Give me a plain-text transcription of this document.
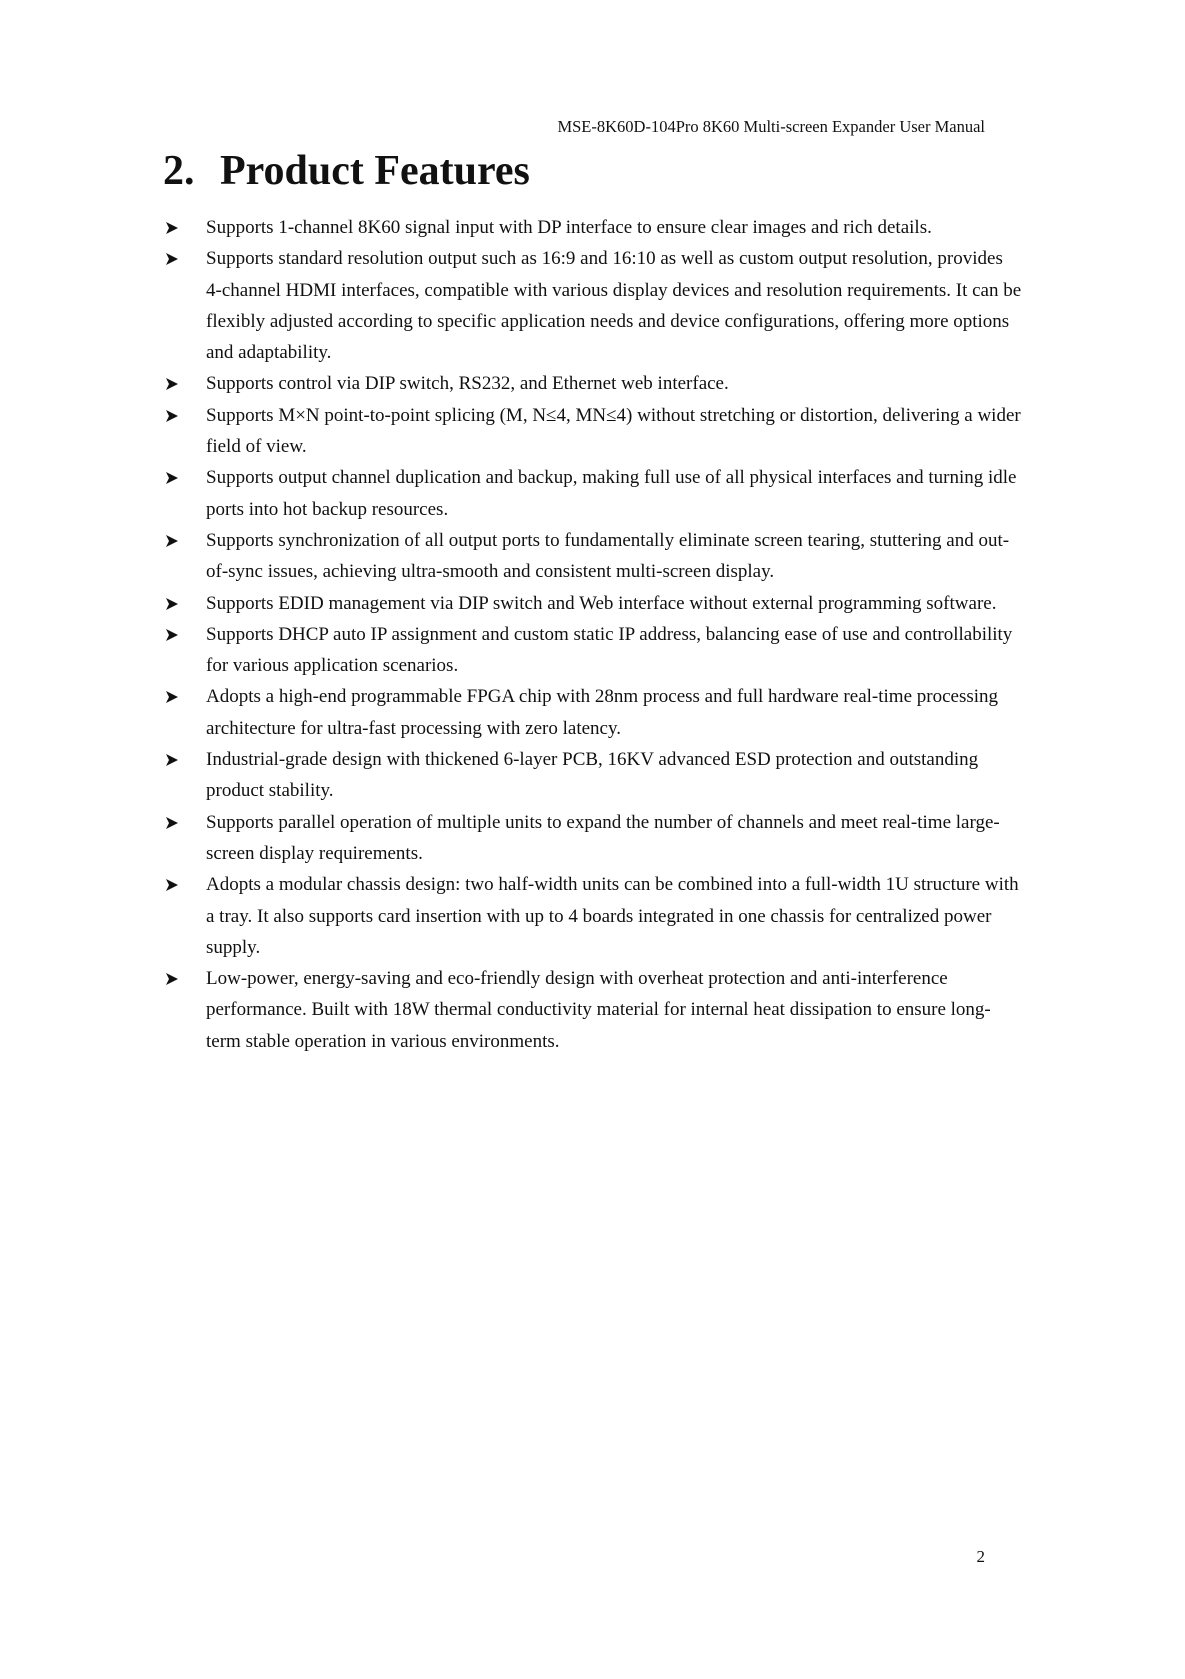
MSE-8K60D-104Pro 8K60 Multi-screen Expander User Manual
2. Product Features
Supports 1-channel 8K60 signal input with DP interface to ensure clear images and rich details.
Supports standard resolution output such as 16:9 and 16:10 as well as custom output resolution, provides 4-channel HDMI interfaces, compatible with various display devices and resolution requirements. It can be flexibly adjusted according to specific application needs and device configurations, offering more options and adaptability.
Supports control via DIP switch, RS232, and Ethernet web interface.
Supports M×N point-to-point splicing (M, N≤4, MN≤4) without stretching or distortion, delivering a wider field of view.
Supports output channel duplication and backup, making full use of all physical interfaces and turning idle ports into hot backup resources.
Supports synchronization of all output ports to fundamentally eliminate screen tearing, stuttering and out-of-sync issues, achieving ultra-smooth and consistent multi-screen display.
Supports EDID management via DIP switch and Web interface without external programming software.
Supports DHCP auto IP assignment and custom static IP address, balancing ease of use and controllability for various application scenarios.
Adopts a high-end programmable FPGA chip with 28nm process and full hardware real-time processing architecture for ultra-fast processing with zero latency.
Industrial-grade design with thickened 6-layer PCB, 16KV advanced ESD protection and outstanding product stability.
Supports parallel operation of multiple units to expand the number of channels and meet real-time large-screen display requirements.
Adopts a modular chassis design: two half-width units can be combined into a full-width 1U structure with a tray. It also supports card insertion with up to 4 boards integrated in one chassis for centralized power supply.
Low-power, energy-saving and eco-friendly design with overheat protection and anti-interference performance. Built with 18W thermal conductivity material for internal heat dissipation to ensure long-term stable operation in various environments.
2
